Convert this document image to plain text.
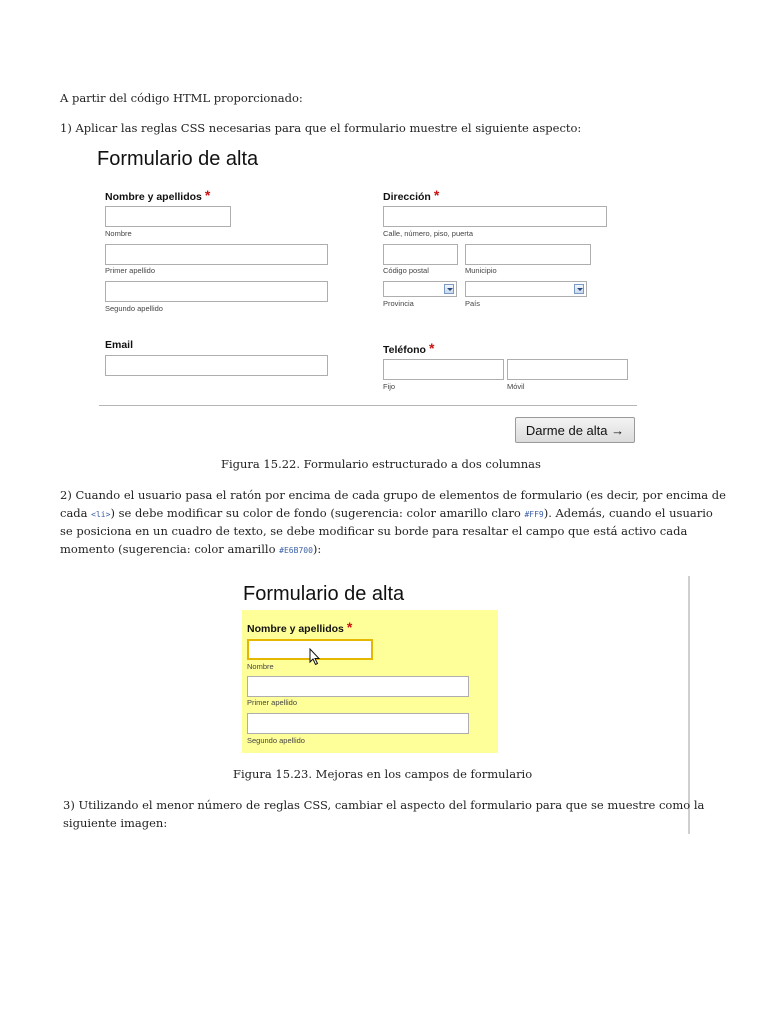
A partir del código HTML proporcionado:
1) Aplicar las reglas CSS necesarias para que el formulario muestre el siguiente aspecto:
Formulario de alta
Nombre y apellidos *
Nombre
Primer apellido
Segundo apellido
Email
Dirección *
Calle, número, piso, puerta
Código postal	Municipio
Provincia	País
Teléfono *
Fijo	Móvil
Darme de alta →
Figura 15.22. Formulario estructurado a dos columnas
2) Cuando el usuario pasa el ratón por encima de cada grupo de elementos de formulario (es decir, por encima de
cada <li>) se debe modificar su color de fondo (sugerencia: color amarillo claro #FF9). Además, cuando el usuario
se posiciona en un cuadro de texto, se debe modificar su borde para resaltar el campo que está activo cada
momento (sugerencia: color amarillo #E6B700):
Formulario de alta
Nombre y apellidos *
Nombre
Primer apellido
Segundo apellido
Figura 15.23. Mejoras en los campos de formulario
3) Utilizando el menor número de reglas CSS, cambiar el aspecto del formulario para que se muestre como la
siguiente imagen:
